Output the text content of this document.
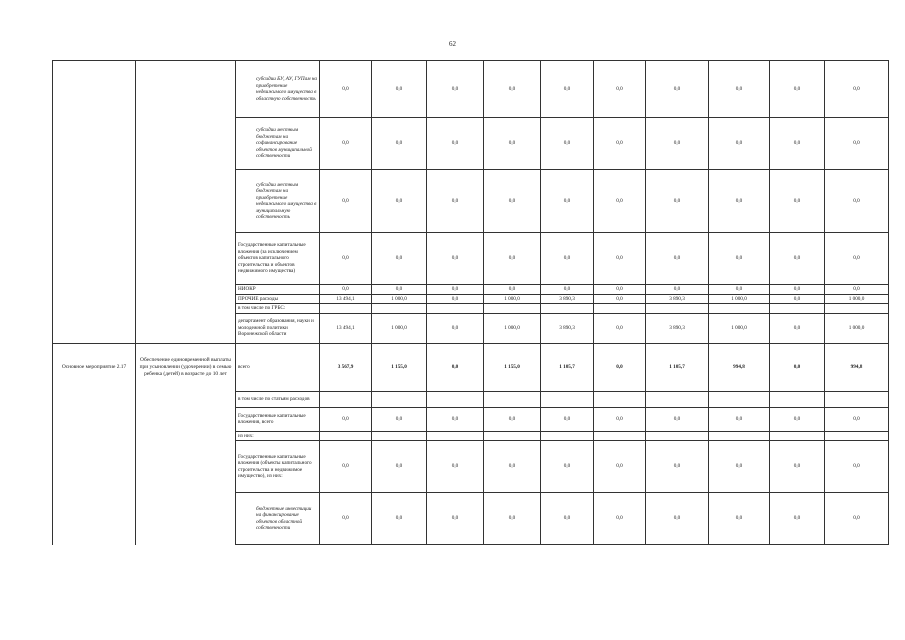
62
		субсидии БУ, АУ, ГУПам на приобретение недвижимого имущества в областную собственность	0,0	0,0	0,0	0,0	0,0	0,0	0,0	0,0	0,0	0,0
		субсидии местным бюджетам на софинансирование объектов муниципальной собственности	0,0	0,0	0,0	0,0	0,0	0,0	0,0	0,0	0,0	0,0
		субсидии местным бюджетам на приобретение недвижимого имущества в муниципальную собственность	0,0	0,0	0,0	0,0	0,0	0,0	0,0	0,0	0,0	0,0
		Государственные капитальные вложения (за исключением объектов капитального строительства и объектов недвижимого имущества)	0,0	0,0	0,0	0,0	0,0	0,0	0,0	0,0	0,0	0,0
		НИОКР	0,0	0,0	0,0	0,0	0,0	0,0	0,0	0,0	0,0	0,0
		ПРОЧИЕ расходы	13 494,1	1 000,0	0,0	1 000,0	3 890,3	0,0	3 890,3	1 000,0	0,0	1 000,0
		в том числе по ГРБС:										
		департамент образования, науки и молодежной политики Воронежской области	13 494,1	1 000,0	0,0	1 000,0	3 890,3	0,0	3 890,3	1 000,0	0,0	1 000,0
Основное мероприятие 2.17	Обеспечение единовременной выплаты при усыновлении (удочерении) в семью ребенка (детей) в возрасте до 10 лет	всего	3 567,9	1 155,0	0,0	1 155,0	1 105,7	0,0	1 105,7	994,8	0,0	994,8
		в том числе по статьям расходов										
		Государственные капитальные вложения, всего	0,0	0,0	0,0	0,0	0,0	0,0	0,0	0,0	0,0	0,0
		из них:										
		Государственные капитальные вложения (объекты капитального строительства и недвижимое имущество), из них:	0,0	0,0	0,0	0,0	0,0	0,0	0,0	0,0	0,0	0,0
		бюджетные инвестиции на финансирование объектов областной собственности	0,0	0,0	0,0	0,0	0,0	0,0	0,0	0,0	0,0	0,0
